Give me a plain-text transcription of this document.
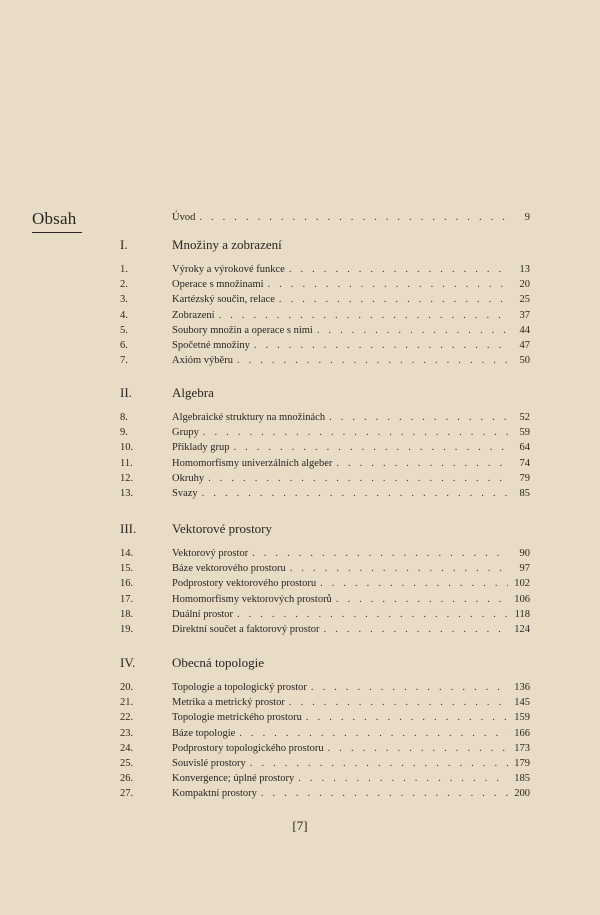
Obsah	Úvod . . .	9
I.	Množiny a zobrazení
1.	Výroky a výrokové funkce . . .	13
2.	Operace s množinami . . .	20
3.	Kartézský součin, relace . . .	25
4.	Zobrazení . . .	37
5.	Soubory množin a operace s nimi . . .	44
6.	Spočetné množiny . . .	47
7.	Axióm výběru . . .	50
II.	Algebra
8.	Algebraické struktury na množinách . . .	52
9.	Grupy . . .	59
10.	Příklady grup . . .	64
11.	Homomorfismy univerzálních algeber . . .	74
12.	Okruhy . . .	79
13.	Svazy . . .	85
III.	Vektorové prostory
14.	Vektorový prostor . . .	90
15.	Báze vektorového prostoru . . .	97
16.	Podprostory vektorového prostoru . . .	102
17.	Homomorfismy vektorových prostorů . . .	106
18.	Duální prostor . . .	118
19.	Direktní součet a faktorový prostor . . .	124
IV.	Obecná topologie
20.	Topologie a topologický prostor . . .	136
21.	Metrika a metrický prostor . . .	145
22.	Topologie metrického prostoru . . .	159
23.	Báze topologie . . .	166
24.	Podprostory topologického prostoru . . .	173
25.	Souvislé prostory . . .	179
26.	Konvergence; úplné prostory . . .	185
27.	Kompaktní prostory . . .	200
[7]
